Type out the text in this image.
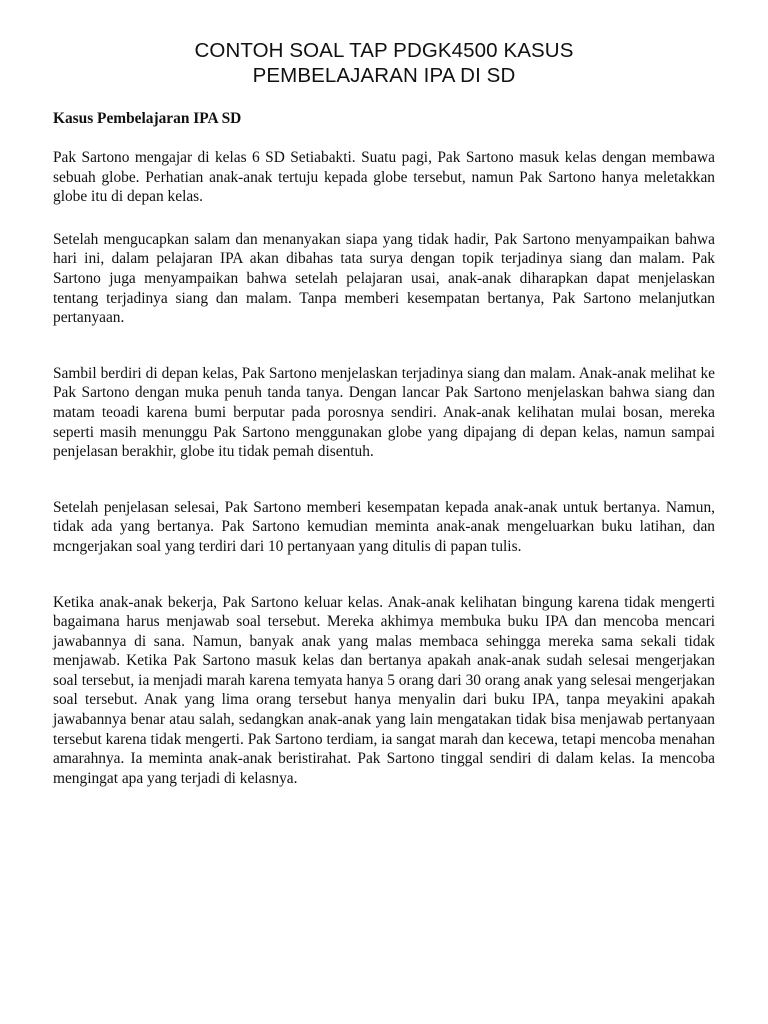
CONTOH SOAL TAP PDGK4500 KASUS
PEMBELAJARAN IPA DI SD
Kasus Pembelajaran IPA SD

Pak Sartono mengajar di kelas 6 SD Setiabakti. Suatu pagi, Pak Sartono masuk kelas dengan membawa sebuah globe. Perhatian anak-anak tertuju kepada globe tersebut, namun Pak Sartono hanya meletakkan globe itu di depan kelas.

Setelah mengucapkan salam dan menanyakan siapa yang tidak hadir, Pak Sartono menyampaikan bahwa hari ini, dalam pelajaran IPA akan dibahas tata surya dengan topik terjadinya siang dan malam. Pak Sartono juga menyampaikan bahwa setelah pelajaran usai, anak-anak diharapkan dapat menjelaskan tentang terjadinya siang dan malam. Tanpa memberi kesempatan bertanya, Pak Sartono melanjutkan pertanyaan.

Sambil berdiri di depan kelas, Pak Sartono menjelaskan terjadinya siang dan malam. Anak-anak melihat ke Pak Sartono dengan muka penuh tanda tanya. Dengan lancar Pak Sartono menjelaskan bahwa siang dan matam teoadi karena bumi berputar pada porosnya sendiri. Anak-anak kelihatan mulai bosan, mereka seperti masih menunggu Pak Sartono menggunakan globe yang dipajang di depan kelas, namun sampai penjelasan berakhir, globe itu tidak pemah disentuh.

Setelah penjelasan selesai, Pak Sartono memberi kesempatan kepada anak-anak untuk bertanya. Namun, tidak ada yang bertanya. Pak Sartono kemudian meminta anak-anak mengeluarkan buku latihan, dan mcngerjakan soal yang terdiri dari 10 pertanyaan yang ditulis di papan tulis.

Ketika anak-anak bekerja, Pak Sartono keluar kelas. Anak-anak kelihatan bingung karena tidak mengerti bagaimana harus menjawab soal tersebut. Mereka akhimya membuka buku IPA dan mencoba mencari jawabannya di sana. Namun, banyak anak yang malas membaca sehingga mereka sama sekali tidak menjawab. Ketika Pak Sartono masuk kelas dan bertanya apakah anak-anak sudah selesai mengerjakan soal tersebut, ia menjadi marah karena temyata hanya 5 orang dari 30 orang anak yang selesai mengerjakan soal tersebut. Anak yang lima orang tersebut hanya menyalin dari buku IPA, tanpa meyakini apakah jawabannya benar atau salah, sedangkan anak-anak yang lain mengatakan tidak bisa menjawab pertanyaan tersebut karena tidak mengerti. Pak Sartono terdiam, ia sangat marah dan kecewa, tetapi mencoba menahan amarahnya. Ia meminta anak-anak beristirahat. Pak Sartono tinggal sendiri di dalam kelas. Ia mencoba mengingat apa yang terjadi di kelasnya.
